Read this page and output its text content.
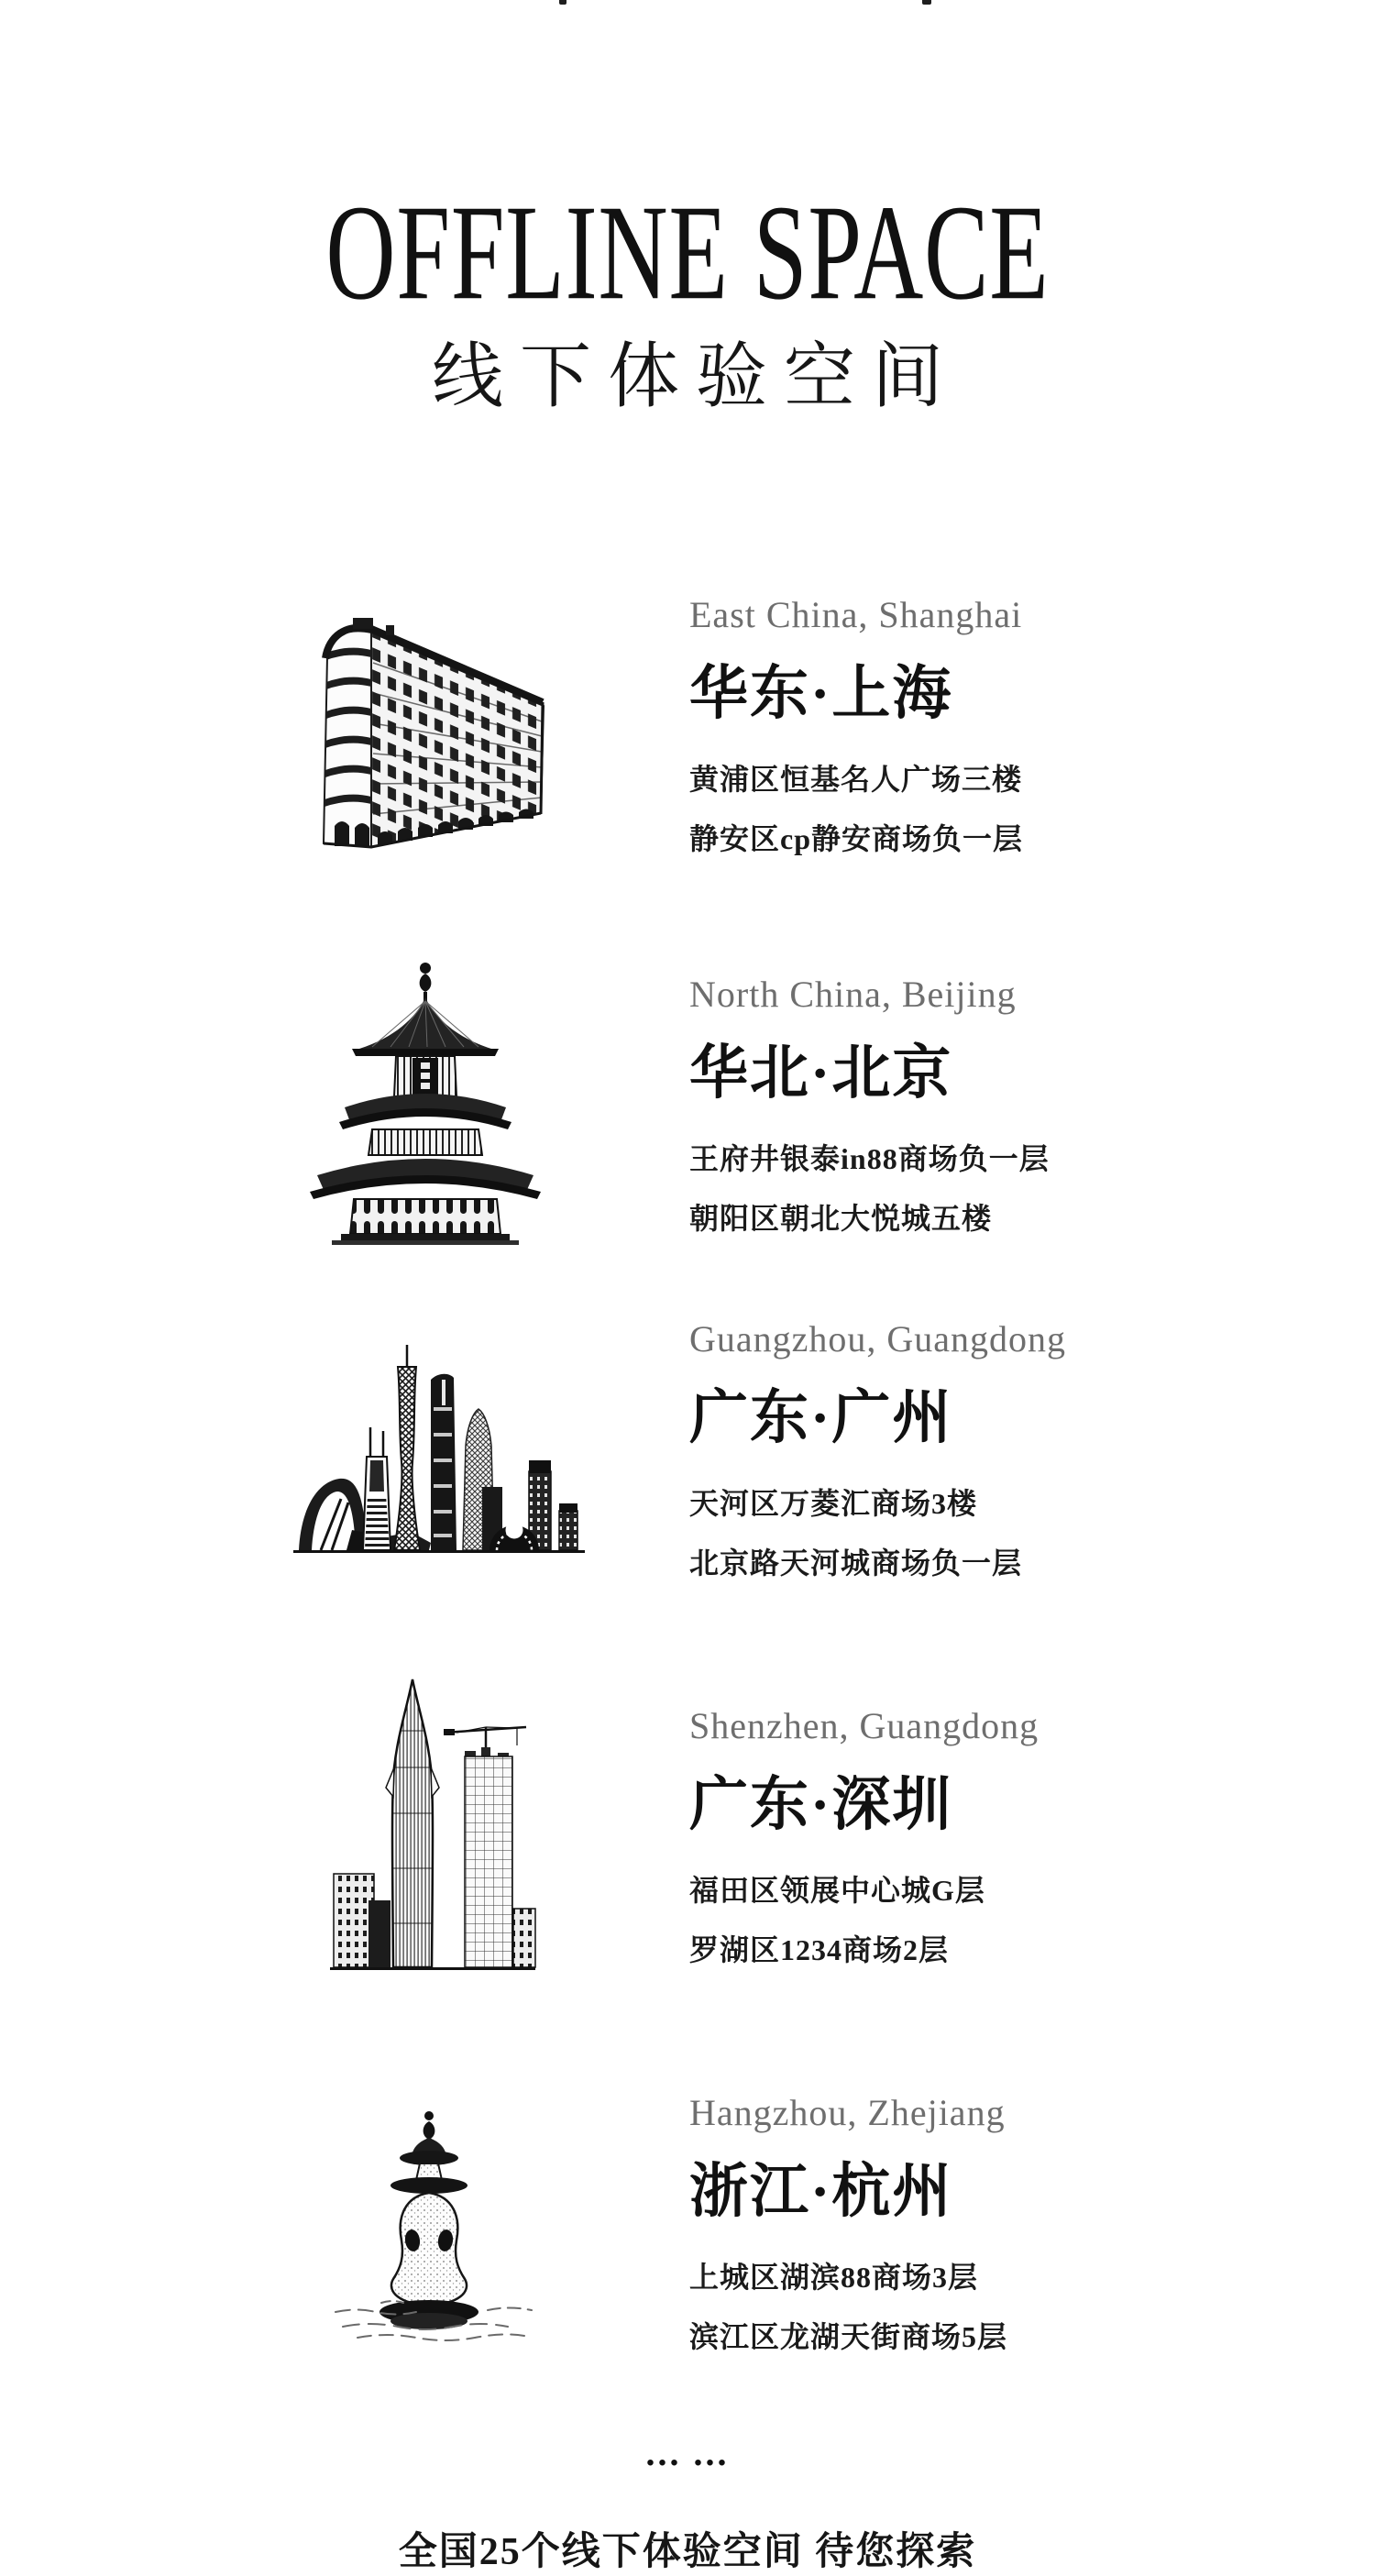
OFFLINE SPACE
线下体验空间
East China, Shanghai
华东·上海
黄浦区恒基名人广场三楼
静安区cp静安商场负一层
North China, Beijing
华北·北京
王府井银泰in88商场负一层
朝阳区朝北大悦城五楼
Guangzhou, Guangdong
广东·广州
天河区万菱汇商场3楼
北京路天河城商场负一层
Shenzhen, Guangdong
广东·深圳
福田区领展中心城G层
罗湖区1234商场2层
Hangzhou, Zhejiang
浙江·杭州
上城区湖滨88商场3层
滨江区龙湖天街商场5层
... ...
全国25个线下体验空间 待您探索
